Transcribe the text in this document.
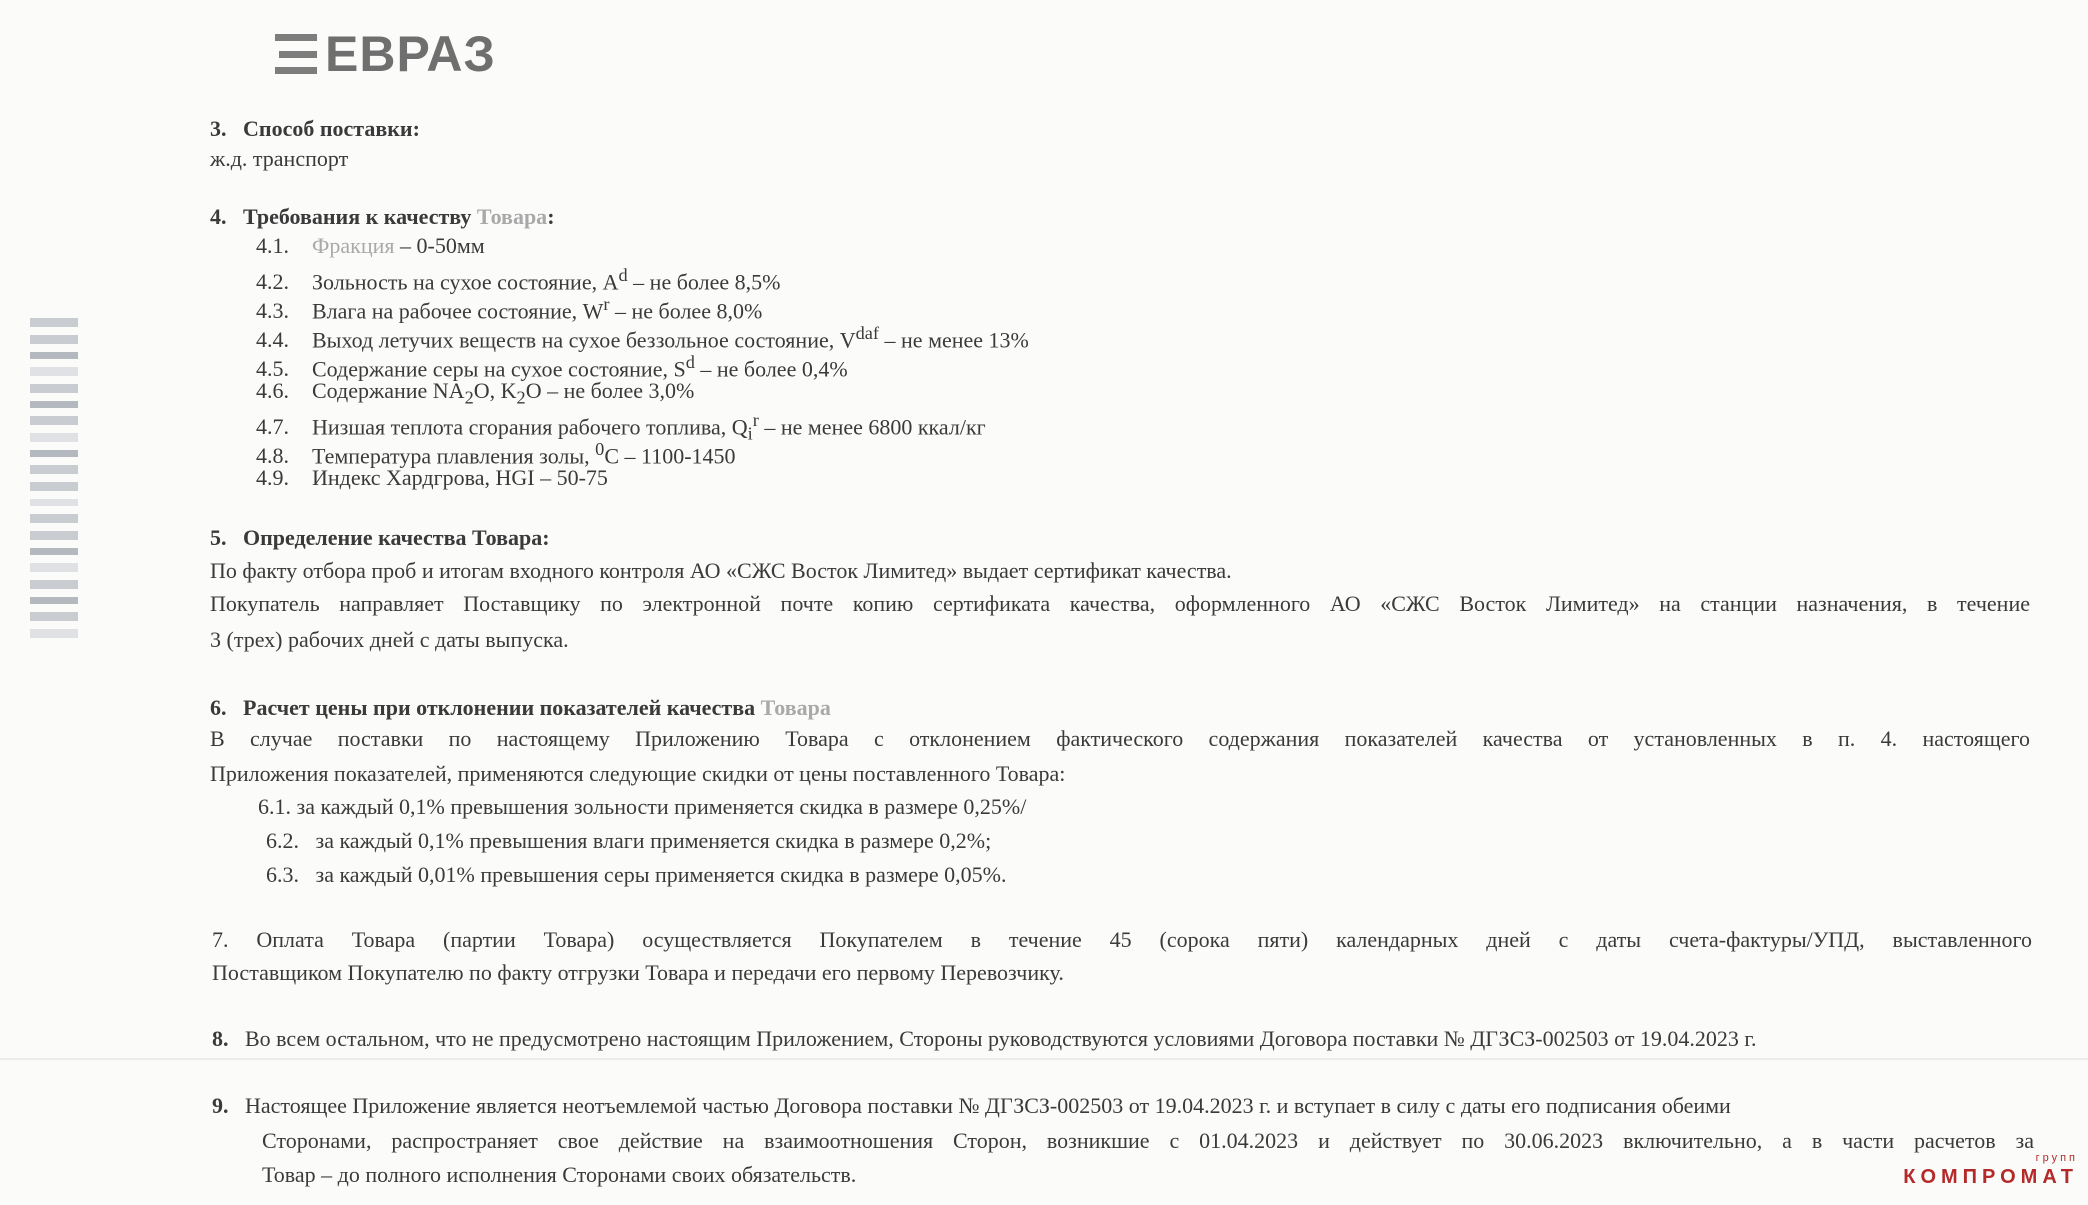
ЕВРАЗ
3. Способ поставки:
ж.д. транспорт
4. Требования к качеству Товара:
4.1. Фракция – 0-50мм
4.2. Зольность на сухое состояние, $A^d$ – не более 8,5%
4.3. Влага на рабочее состояние, $W^r$ – не более 8,0%
4.4. Выход летучих веществ на сухое беззольное состояние, $V^{daf}$ – не менее 13%
4.5. Содержание серы на сухое состояние, $S^d$ – не более 0,4%
4.6. Содержание $NA_2O$, $K_2O$ – не более 3,0%
4.7. Низшая теплота сгорания рабочего топлива, $Q_i^r$ – не менее 6800 ккал/кг
4.8. Температура плавления золы, $^0$C – 1100-1450
4.9. Индекс Хардгрова, HGI – 50-75
5. Определение качества Товара:
По факту отбора проб и итогам входного контроля АО «СЖС Восток Лимитед» выдает сертификат качества.
Покупатель направляет Поставщику по электронной почте копию сертификата качества, оформленного АО «СЖС Восток Лимитед» на станции назначения, в течение
3 (трех) рабочих дней с даты выпуска.
6. Расчет цены при отклонении показателей качества Товара
В случае поставки по настоящему Приложению Товара с отклонением фактического содержания показателей качества от установленных в п. 4. настоящего
Приложения показателей, применяются следующие скидки от цены поставленного Товара:
6.1. за каждый 0,1% превышения зольности применяется скидка в размере 0,25%/
6.2. за каждый 0,1% превышения влаги применяется скидка в размере 0,2%;
6.3. за каждый 0,01% превышения серы применяется скидка в размере 0,05%.
7. Оплата Товара (партии Товара) осуществляется Покупателем в течение 45 (сорока пяти) календарных дней с даты счета-фактуры/УПД, выставленного
Поставщиком Покупателю по факту отгрузки Товара и передачи его первому Перевозчику.
8. Во всем остальном, что не предусмотрено настоящим Приложением, Стороны руководствуются условиями Договора поставки № ДГЗСЗ-002503 от 19.04.2023 г.
9. Настоящее Приложение является неотъемлемой частью Договора поставки № ДГЗСЗ-002503 от 19.04.2023 г. и вступает в силу с даты его подписания обеими
Сторонами, распространяет свое действие на взаимоотношения Сторон, возникшие с 01.04.2023 и действует по 30.06.2023 включительно, а в части расчетов за
Товар – до полного исполнения Сторонами своих обязательств.
групп
КОМПРОМАТ
